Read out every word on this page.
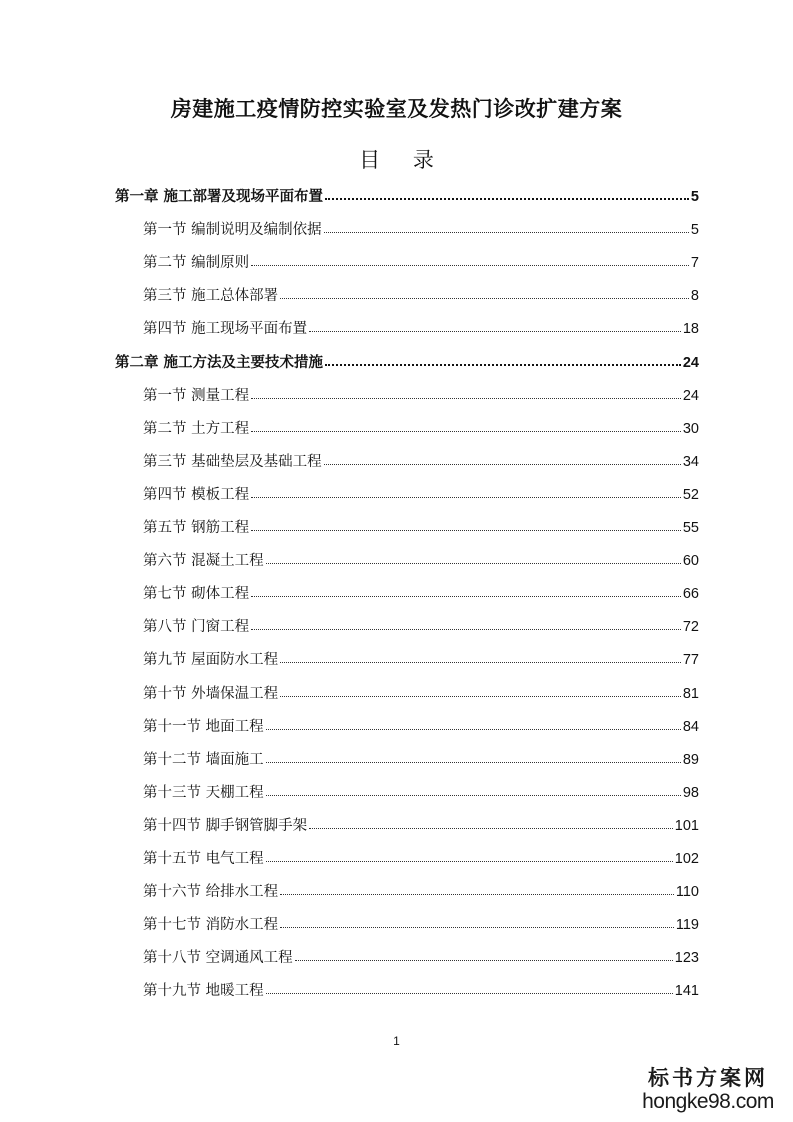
房建施工疫情防控实验室及发热门诊改扩建方案
目 录
第一章 施工部署及现场平面布置	5
第一节 编制说明及编制依据	5
第二节 编制原则	7
第三节 施工总体部署	8
第四节 施工现场平面布置	18
第二章 施工方法及主要技术措施	24
第一节 测量工程	24
第二节 土方工程	30
第三节 基础垫层及基础工程	34
第四节 模板工程	52
第五节 钢筋工程	55
第六节 混凝土工程	60
第七节 砌体工程	66
第八节 门窗工程	72
第九节 屋面防水工程	77
第十节 外墙保温工程	81
第十一节 地面工程	84
第十二节 墙面施工	89
第十三节 天棚工程	98
第十四节 脚手钢管脚手架	101
第十五节 电气工程	102
第十六节 给排水工程	110
第十七节 消防水工程	119
第十八节 空调通风工程	123
第十九节 地暖工程	141
1
标书方案网
hongke98.com
